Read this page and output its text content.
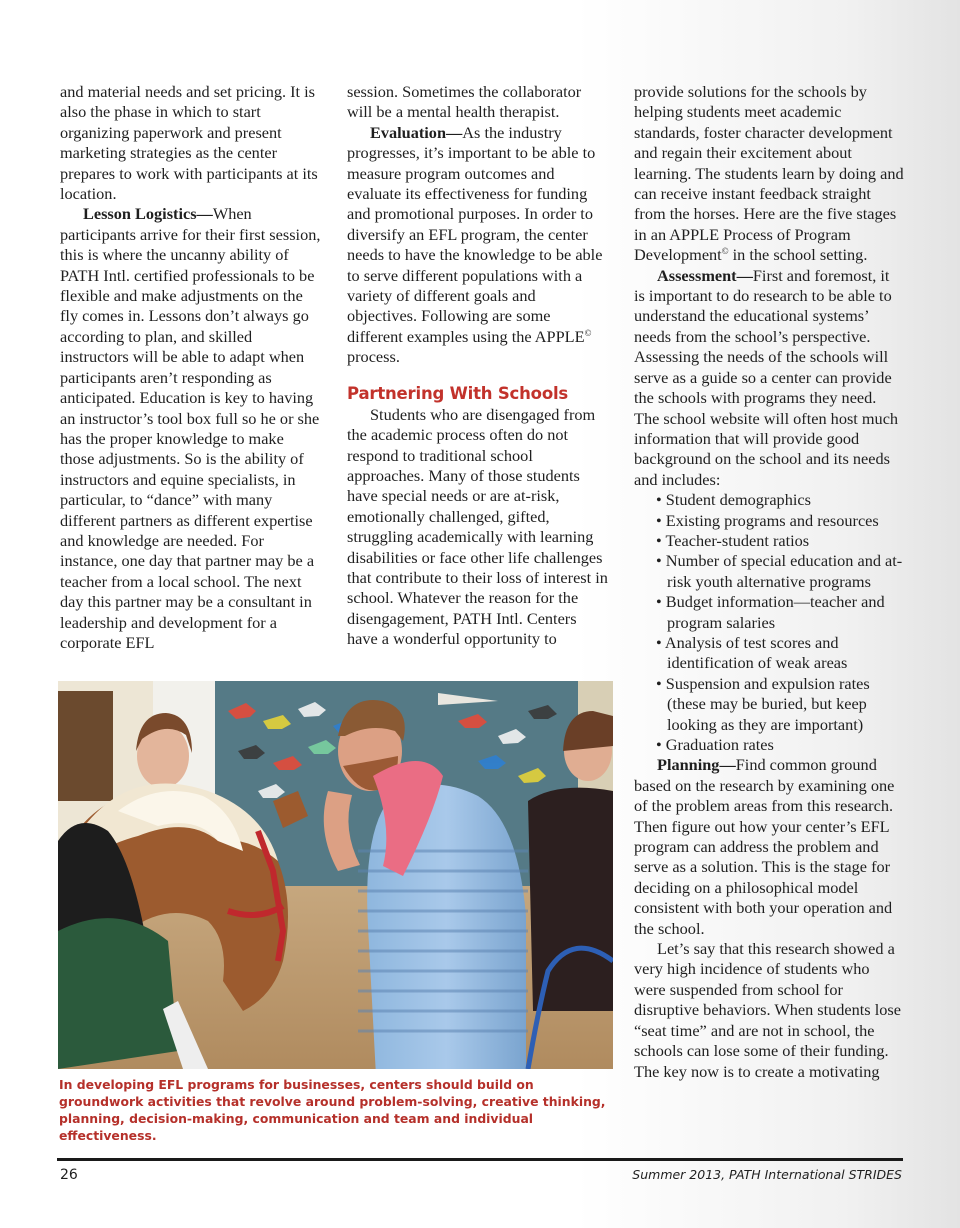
and material needs and set pricing. It is also the phase in which to start organizing paperwork and present marketing strategies as the center prepares to work with participants at its location.

Lesson Logistics—When participants arrive for their first session, this is where the uncanny ability of PATH Intl. certified professionals to be flexible and make adjustments on the fly comes in. Lessons don’t always go according to plan, and skilled instructors will be able to adapt when participants aren’t responding as anticipated. Education is key to having an instructor’s tool box full so he or she has the proper knowledge to make those adjustments. So is the ability of instructors and equine specialists, in particular, to “dance” with many different partners as different expertise and knowledge are needed. For instance, one day that partner may be a teacher from a local school. The next day this partner may be a consultant in leadership and development for a corporate EFL

session. Sometimes the collaborator will be a mental health therapist.

Evaluation—As the industry progresses, it’s important to be able to measure program outcomes and evaluate its effectiveness for funding and promotional purposes. In order to diversify an EFL program, the center needs to have the knowledge to be able to serve different populations with a variety of different goals and objectives. Following are some different examples using the APPLE© process.

Partnering With Schools

Students who are disengaged from the academic process often do not respond to traditional school approaches. Many of those students have special needs or are at-risk, emotionally challenged, gifted, struggling academically with learning disabilities or face other life challenges that contribute to their loss of interest in school. Whatever the reason for the disengagement, PATH Intl. Centers have a wonderful opportunity to

provide solutions for the schools by helping students meet academic standards, foster character development and regain their excitement about learning. The students learn by doing and can receive instant feedback straight from the horses. Here are the five stages in an APPLE Process of Program Development© in the school setting.

Assessment—First and foremost, it is important to do research to be able to understand the educational systems’ needs from the school’s perspective. Assessing the needs of the schools will serve as a guide so a center can provide the schools with programs they need. The school website will often host much information that will provide good background on the school and its needs and includes:

• Student demographics
• Existing programs and resources
• Teacher-student ratios
• Number of special education and at-risk youth alternative programs
• Budget information—teacher and program salaries
• Analysis of test scores and identification of weak areas
• Suspension and expulsion rates (these may be buried, but keep looking as they are important)
• Graduation rates

Planning—Find common ground based on the research by examining one of the problem areas from this research. Then figure out how your center’s EFL program can address the problem and serve as a solution. This is the stage for deciding on a philosophical model consistent with both your operation and the school.

Let’s say that this research showed a very high incidence of students who were suspended from school for disruptive behaviors. When students lose “seat time” and are not in school, the schools can lose some of their funding. The key now is to create a motivating

In developing EFL programs for businesses, centers should build on groundwork activities that revolve around problem-solving, creative thinking, planning, decision-making, communication and team and individual effectiveness.
26	Summer 2013, PATH International STRIDES
